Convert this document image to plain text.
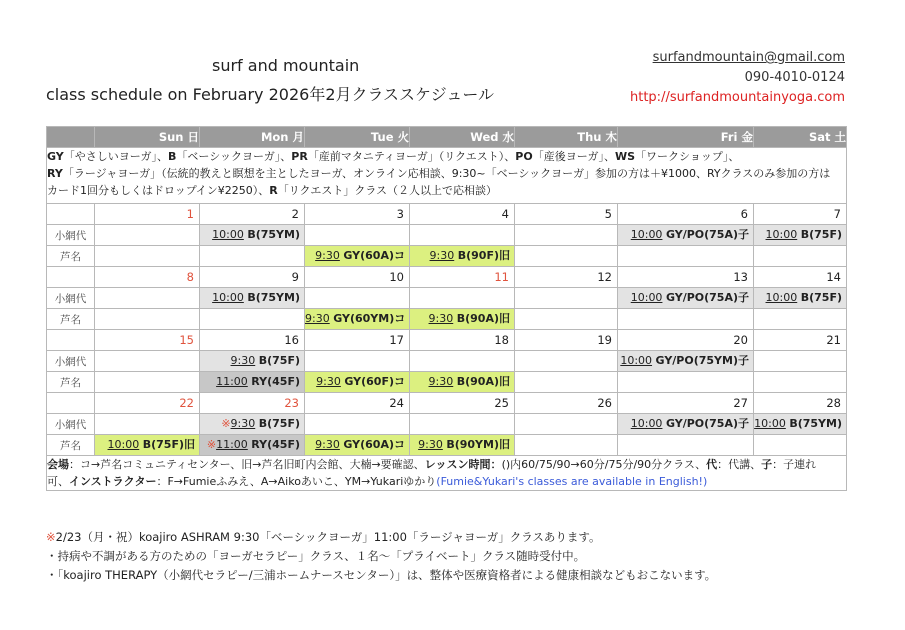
surf and mountain
class schedule on February 2026年2月クラススケジュール
surfandmountain@gmail.com
090-4010-0124
http://surfandmountainyoga.com
	Sun 日	Mon 月	Tue 火	Wed 水	Thu 木	Fri 金	Sat 土

GY「やさしいヨーガ」、B「ベーシックヨーガ」、PR「産前マタニティヨーガ」（リクエスト）、PO「産後ヨーガ」、WS「ワークショップ」、
RY「ラージャヨーガ」（伝統的教えと瞑想を主としたヨーガ、オンライン応相談、9:30~「ベーシックヨーガ」参加の方は＋¥1000、RYクラスのみ参加の方は
カード1回分もしくはドロップイン¥2250）、R「リクエスト」クラス（２人以上で応相談）							

	1	2	3	4	5	6	7
小網代		10:00 B(75YM)				10:00 GY/PO(75A)子	10:00 B(75F)

芦名			9:30 GY(60A)コ	9:30 B(90F)旧			

	8	9	10	11	12	13	14
小網代		10:00 B(75YM)				10:00 GY/PO(75A)子	10:00 B(75F)

芦名			9:30 GY(60YM)コ	9:30 B(90A)旧			

	15	16	17	18	19	20	21
小網代		9:30 B(75F)				10:00 GY/PO(75YM)子	

芦名		11:00 RY(45F)	9:30 GY(60F)コ	9:30 B(90A)旧			

	22	23	24	25	26	27	28
小網代		※9:30 B(75F)				10:00 GY/PO(75A)子	10:00 B(75YM)

芦名	10:00 B(75F)旧	※11:00 RY(45F)	9:30 GY(60A)コ	9:30 B(90YM)旧			

会場：コ→芦名コミュニティセンター、旧→芦名旧町内会館、大楠→要確認、レッスン時間：()内60/75/90→60分/75分/90分クラス、代：代講、子：子連れ
可、インストラクター：F→Fumieふみえ、A→Aikoあいこ、YM→Yukariゆかり(Fumie&Yukari's classes are available in English!)							
※2/23（月・祝）koajiro ASHRAM 9:30「ベーシックヨーガ」11:00「ラージャヨーガ」クラスあります。
・持病や不調がある方のための「ヨーガセラピー」クラス、１名〜「プライベート」クラス随時受付中。
・「koajiro THERAPY（小網代セラピー/三浦ホームナースセンター）」は、整体や医療資格者による健康相談などもおこないます。
